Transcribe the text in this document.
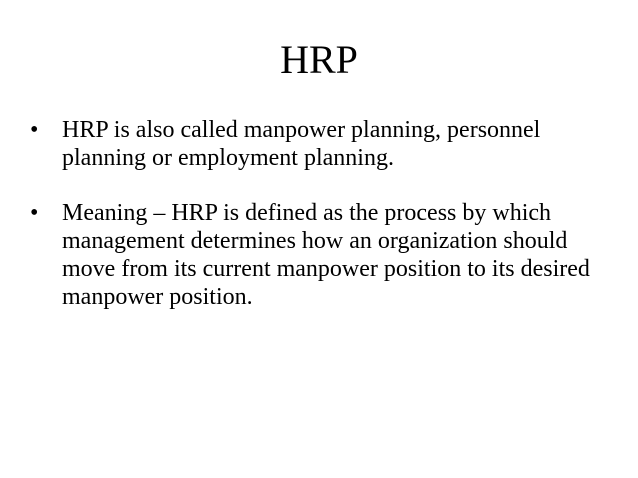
HRP
• HRP is also called manpower planning, personnel planning or employment planning.
• Meaning – HRP is defined as the process by which management determines how an organization should move from its current manpower position to its desired manpower position.
